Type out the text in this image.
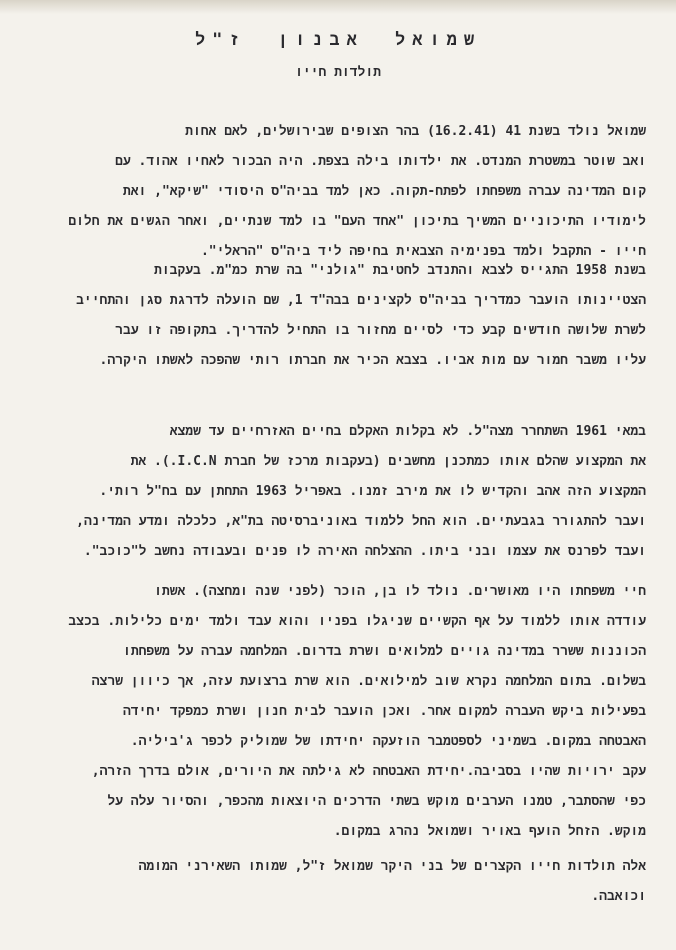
שמואל אבנון ז"ל
תולדות חייו
שמואל נולד בשנת 41 (16.2.41) בהר הצופים שבירושלים, לאם אחות
ואב שוטר במשטרת המנדט. את ילדותו בילה בצפת. היה הבכור לאחיו אהוד. עם
קום המדינה עברה משפחתו לפתח-תקוה. כאן למד בביה"ס היסודי "שיקא", ואת
לימודיו התיכוניים המשיך בתיכון "אחד העם" בו למד שנתיים, ואחר הגשים את חלום
חייו - התקבל ולמד בפנימיה הצבאית בחיפה ליד ביה"ס "הראלי".
בשנת 1958 התגייס לצבא והתנדב לחטיבת "גולני" בה שרת כמ"מ. בעקבות
הצטיינותו הועבר כמדריך בביה"ס לקצינים בבה"ד 1, שם הועלה לדרגת סגן והתחייב
לשרת שלושה חודשים קבע כדי לסיים מחזור בו התחיל להדריך. בתקופה זו עבר
עליו משבר חמור עם מות אביו. בצבא הכיר את חברתו רותי שהפכה לאשתו היקרה.
במאי 1961 השתחרר מצה"ל. לא בקלות האקלם בחיים האזרחיים עד שמצא
את המקצוע שהלם אותו כמתכנן מחשבים (בעקבות מרכז של חברת I.C.N.). את
המקצוע הזה אהב והקדיש לו את מירב זמנו. באפריל 1963 התחתן עם בח"ל רותי.
ועבר להתגורר בגבעתיים. הוא החל ללמוד באוניברסיטה בת"א, כלכלה ומדע המדינה,
ועבד לפרנס את עצמו ובני ביתו. ההצלחה האירה לו פנים ובעבודה נחשב ל"כוכב".
חיי משפחתו היו מאושרים. נולד לו בן, הוכר (לפני שנה ומחצה). אשתו
עודדה אותו ללמוד על אף הקשיים שניגלו בפניו והוא עבד ולמד ימים כלילות. בכצב
הכוננות ששרר במדינה גויים למלואים ושרת בדרום. המלחמה עברה על משפחתו
בשלום. בתום המלחמה נקרא שוב למילואים. הוא שרת ברצועת עזה, אך כיוון שרצה
בפעילות ביקש העברה למקום אחר. ואכן הועבר לבית חנון ושרת כמפקד יחידה
האבטחה במקום. בשמיני לספטמבר הוזעקה יחידתו של שמוליק לכפר ג'ביליה.
עקב ירויות שהיו בסביבה.יחידת האבטחה לא גילתה את היורים, אולם בדרך הזרה,
כפי שהסתבר, טמנו הערבים מוקש בשתי הדרכים היוצאות מהכפר, והסיור עלה על
מוקש. הזחל הועף באויר ושמואל נהרג במקום.
אלה תולדות חייו הקצרים של בני היקר שמואל ז"ל, שמותו השאירני המומה
וכואבה.
